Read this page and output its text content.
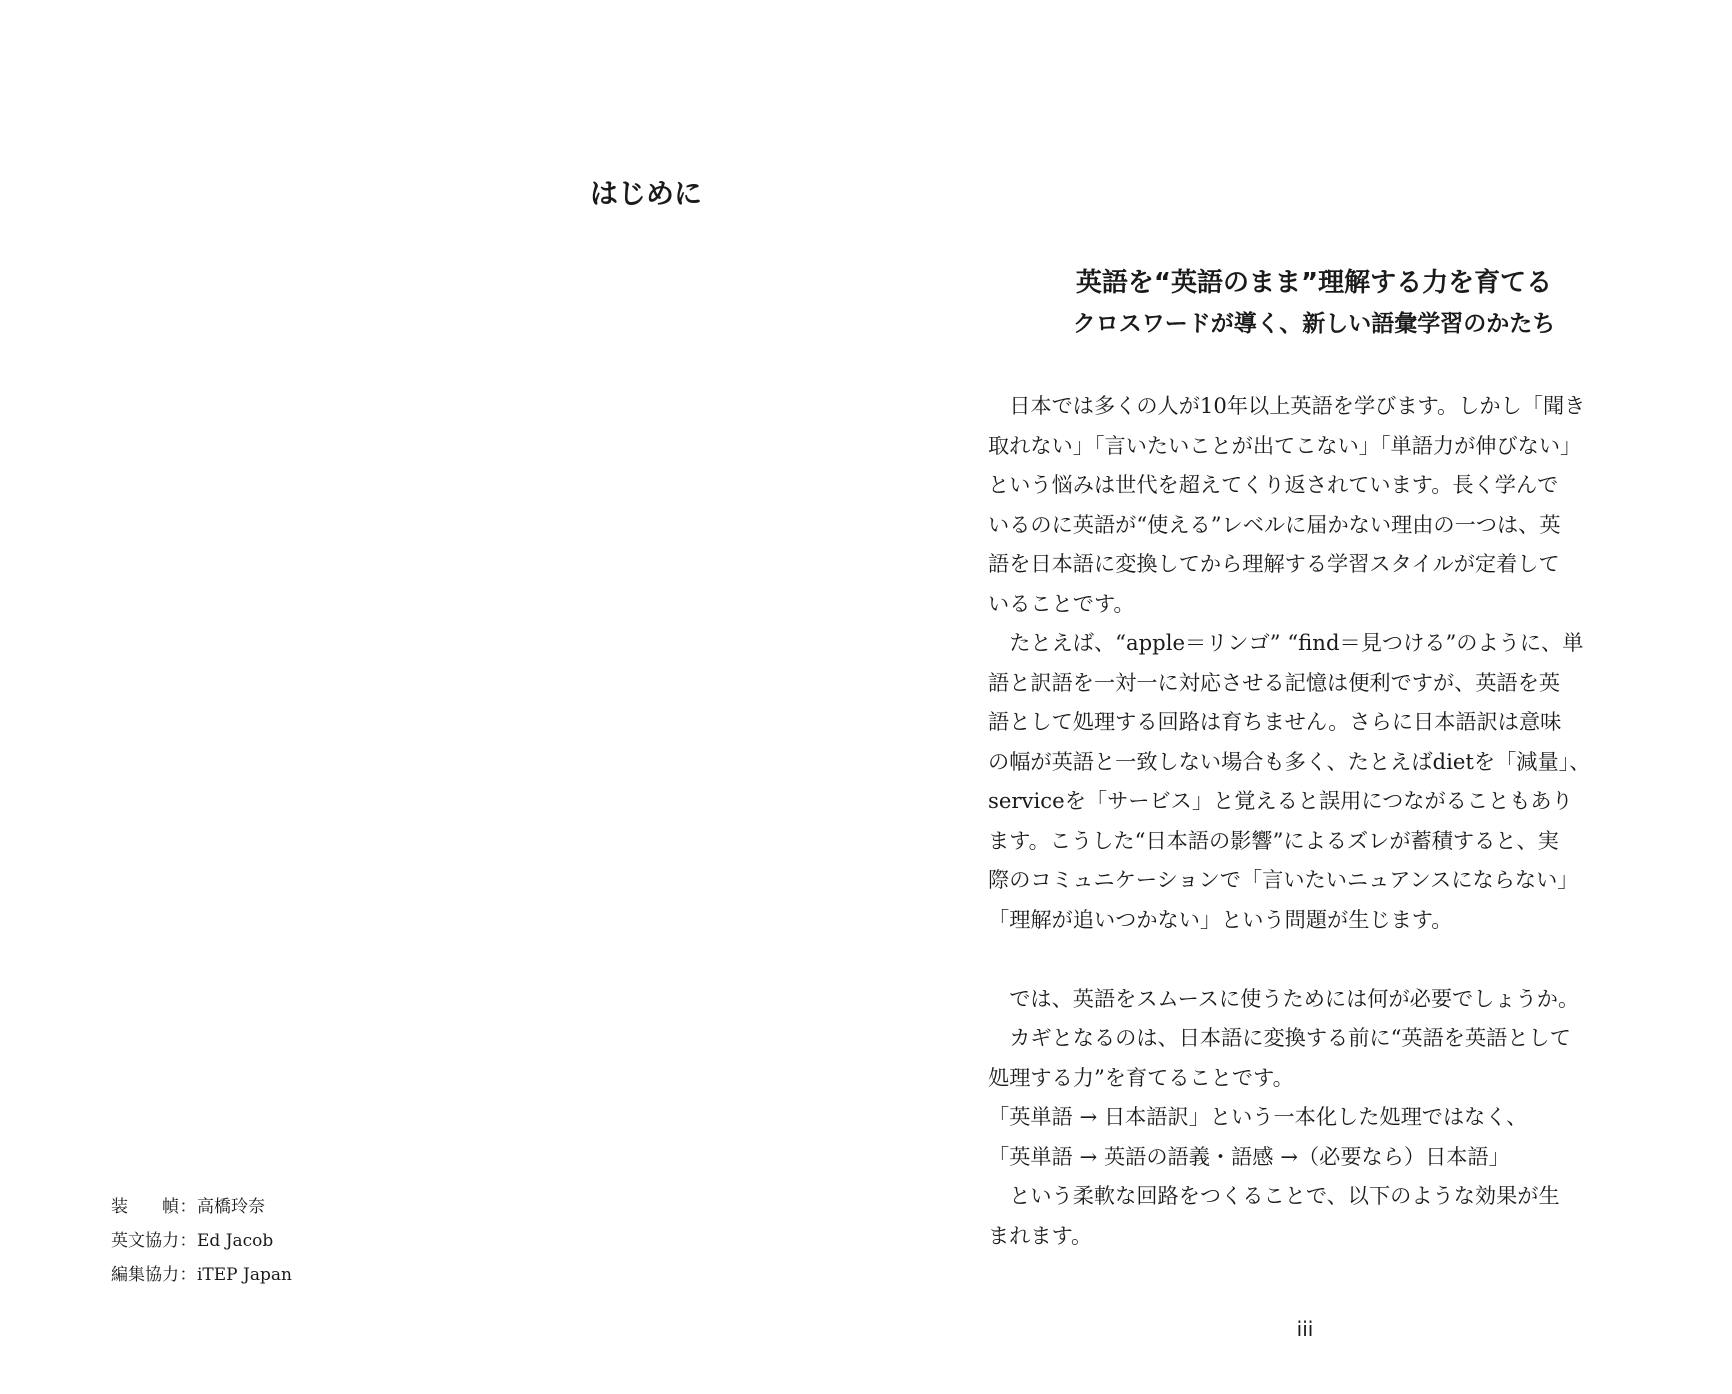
装幀 ： 高橋玲奈
英文協力 ： Ed Jacob
編集協力 ： iTEP Japan
はじめに
英語を“英語のまま”理解する力を育てる
クロスワードが導く、新しい語彙学習のかたち

　日本では多くの人が10年以上英語を学びます。しかし「聞き

取れない」「言いたいことが出てこない」「単語力が伸びない」

という悩みは世代を超えてくり返されています。長く学んで

いるのに英語が“使える”レベルに届かない理由の一つは、英

語を日本語に変換してから理解する学習スタイルが定着して

いることです。

　たとえば、“apple＝リンゴ” “find＝見つける”のように、単

語と訳語を一対一に対応させる記憶は便利ですが、英語を英

語として処理する回路は育ちません。さらに日本語訳は意味

の幅が英語と一致しない場合も多く、たとえばdietを「減量」、

serviceを「サービス」と覚えると誤用につながることもあり

ます。こうした“日本語の影響”によるズレが蓄積すると、実

際のコミュニケーションで「言いたいニュアンスにならない」

「理解が追いつかない」という問題が生じます。

　では、英語をスムースに使うためには何が必要でしょうか。

　カギとなるのは、日本語に変換する前に“英語を英語として

処理する力”を育てることです。

「英単語 → 日本語訳」という一本化した処理ではなく、

「英単語 → 英語の語義・語感 →（必要なら）日本語」

　という柔軟な回路をつくることで、以下のような効果が生

まれます。

iii
